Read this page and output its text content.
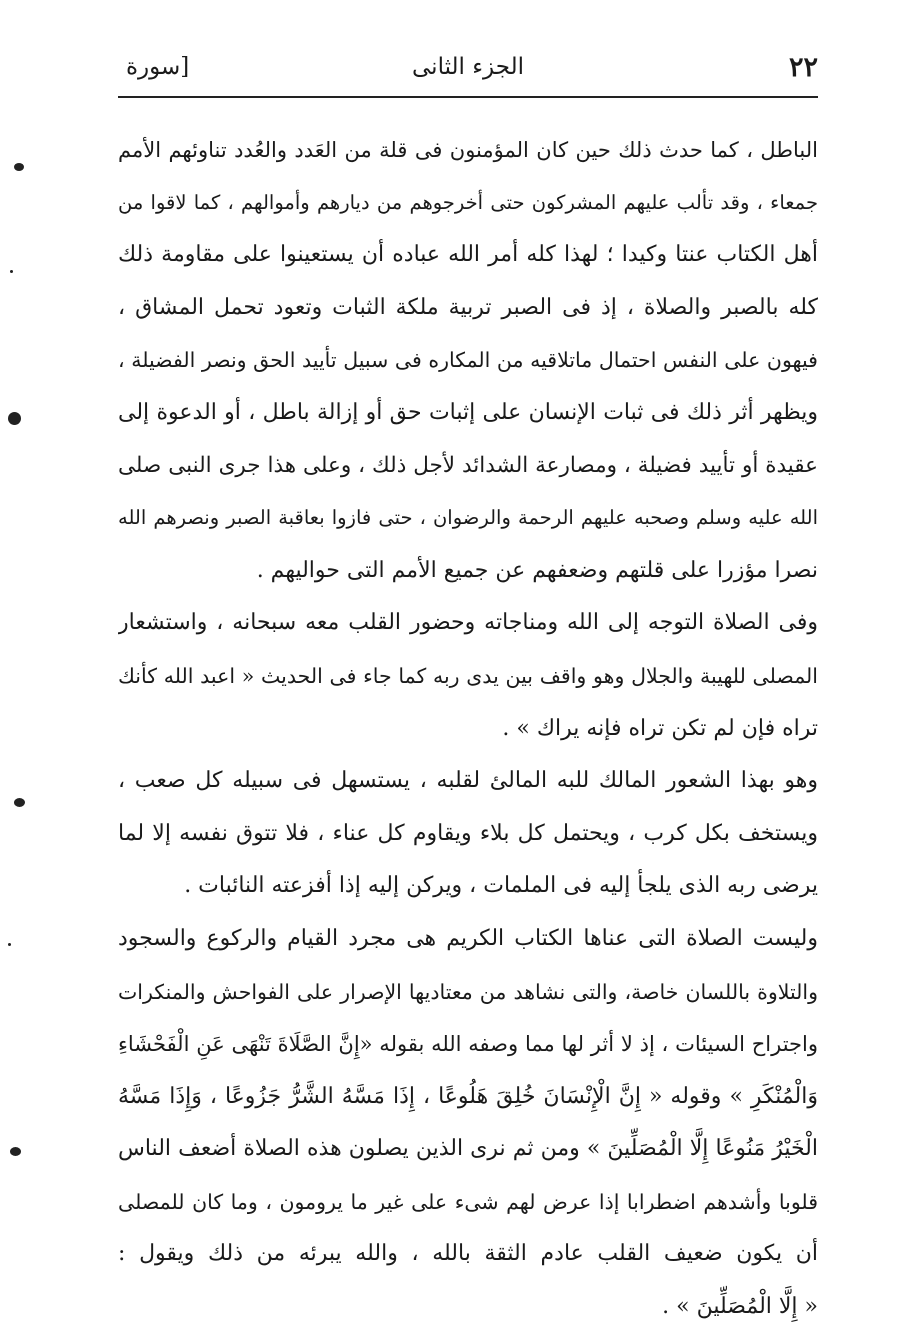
٢٢
الجزء الثانى
[سورة
الباطل ، كما حدث ذلك حين كان المؤمنون فى قلة من العَدد والعُدد تناوئهم الأمم
جمعاء ، وقد تألب عليهم المشركون حتى أخرجوهم من ديارهم وأموالهم ، كما لاقوا من
أهل الكتاب عنتا وكيدا ؛ لهذا كله أمر الله عباده أن يستعينوا على مقاومة ذلك
كله بالصبر والصلاة ، إذ فى الصبر تربية ملكة الثبات وتعود تحمل المشاق ،
فيهون على النفس احتمال ماتلاقيه من المكاره فى سبيل تأييد الحق ونصر الفضيلة ،
ويظهر أثر ذلك فى ثبات الإنسان على إثبات حق أو إزالة باطل ، أو الدعوة إلى
عقيدة أو تأييد فضيلة ، ومصارعة الشدائد لأجل ذلك ، وعلى هذا جرى النبى صلى
الله عليه وسلم وصحبه عليهم الرحمة والرضوان ، حتى فازوا بعاقبة الصبر ونصرهم الله
نصرا مؤزرا على قلتهم وضعفهم عن جميع الأمم التى حواليهم .
وفى الصلاة التوجه إلى الله ومناجاته وحضور القلب معه سبحانه ، واستشعار
المصلى للهيبة والجلال وهو واقف بين يدى ربه كما جاء فى الحديث « اعبد الله كأنك
تراه فإن لم تكن تراه فإنه يراك » .
وهو بهذا الشعور المالك للبه المالئ لقلبه ، يستسهل فى سبيله كل صعب ،
ويستخف بكل كرب ، ويحتمل كل بلاء ويقاوم كل عناء ، فلا تتوق نفسه إلا لما
يرضى ربه الذى يلجأ إليه فى الملمات ، ويركن إليه إذا أفزعته النائبات .
وليست الصلاة التى عناها الكتاب الكريم هى مجرد القيام والركوع والسجود
والتلاوة باللسان خاصة، والتى نشاهد من معتاديها الإصرار على الفواحش والمنكرات
واجتراح السيئات ، إذ لا أثر لها مما وصفه الله بقوله «إِنَّ الصَّلَاةَ تَنْهَى عَنِ الْفَحْشَاءِ
وَالْمُنْكَرِ » وقوله « إِنَّ الْإِنْسَانَ خُلِقَ هَلُوعًا ، إِذَا مَسَّهُ الشَّرُّ جَزُوعًا ، وَإِذَا مَسَّهُ
الْخَيْرُ مَنُوعًا إِلَّا الْمُصَلِّينَ » ومن ثم نرى الذين يصلون هذه الصلاة أضعف الناس
قلوبا وأشدهم اضطرابا إذا عرض لهم شىء على غير ما يرومون ، وما كان للمصلى
أن يكون ضعيف القلب عادم الثقة بالله ، والله يبرئه من ذلك ويقول :
« إِلَّا الْمُصَلِّينَ » .
